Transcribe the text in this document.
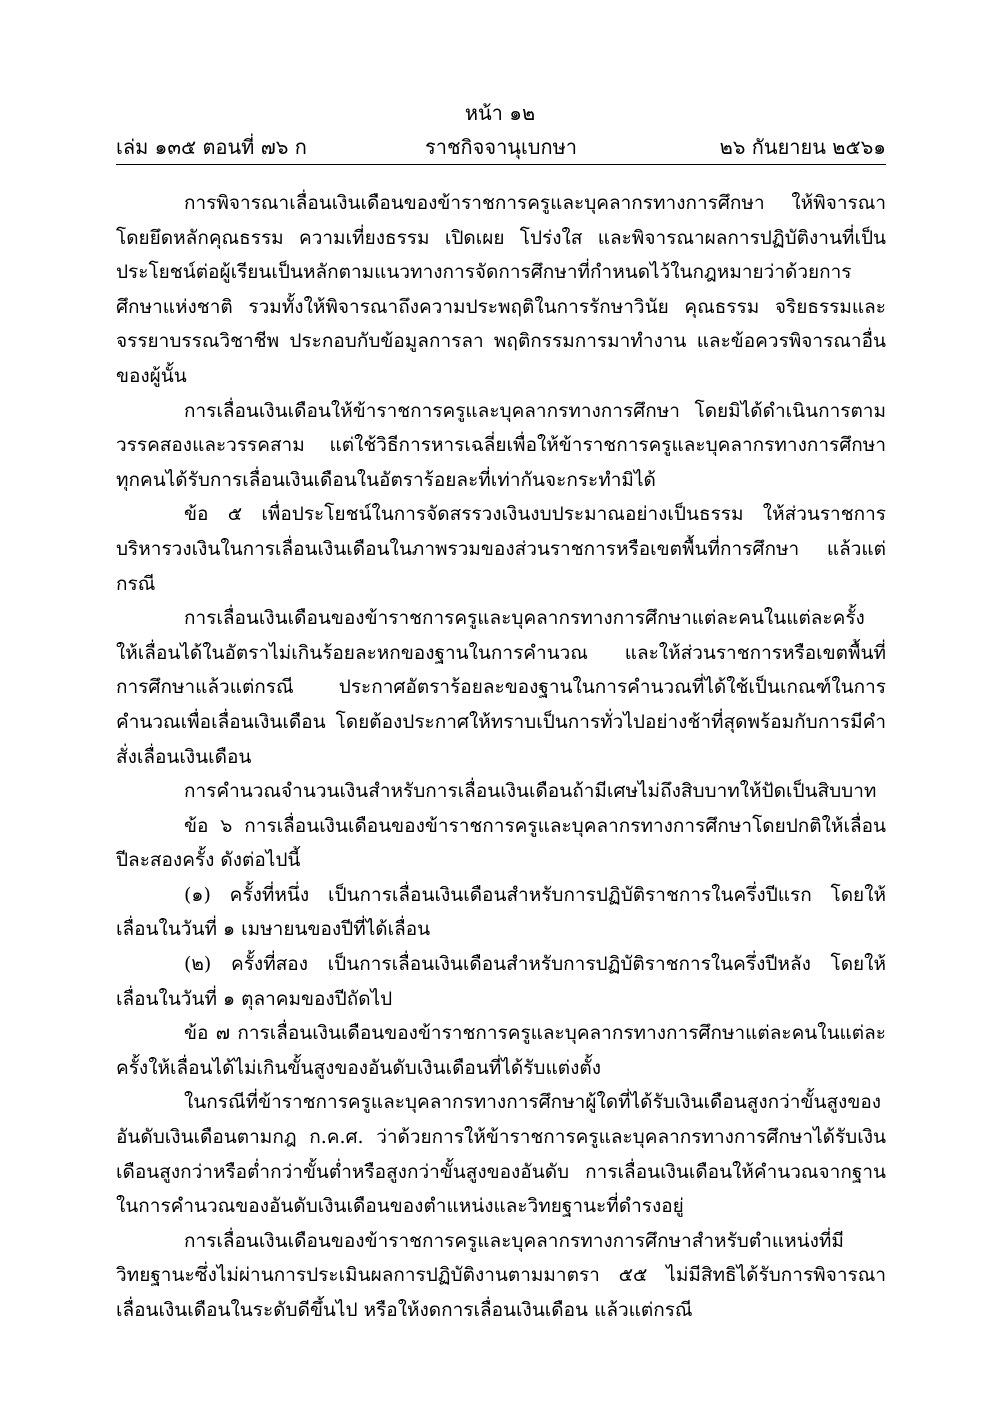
หน้า ๑๒
เล่ม ๑๓๕ ตอนที่ ๗๖ ก	ราชกิจจานุเบกษา	๒๖ กันยายน ๒๕๖๑

การพิจารณาเลื่อนเงินเดือนของข้าราชการครูและบุคลากรทางการศึกษา ให้พิจารณาโดยยึดหลักคุณธรรม ความเที่ยงธรรม เปิดเผย โปร่งใส และพิจารณาผลการปฏิบัติงานที่เป็นประโยชน์ต่อผู้เรียนเป็นหลักตามแนวทางการจัดการศึกษาที่กำหนดไว้ในกฎหมายว่าด้วยการศึกษาแห่งชาติ รวมทั้งให้พิจารณาถึงความประพฤติในการรักษาวินัย คุณธรรม จริยธรรมและจรรยาบรรณวิชาชีพ ประกอบกับข้อมูลการลา พฤติกรรมการมาทำงาน และข้อควรพิจารณาอื่นของผู้นั้น

การเลื่อนเงินเดือนให้ข้าราชการครูและบุคลากรทางการศึกษา โดยมิได้ดำเนินการตามวรรคสองและวรรคสาม แต่ใช้วิธีการหารเฉลี่ยเพื่อให้ข้าราชการครูและบุคลากรทางการศึกษาทุกคนได้รับการเลื่อนเงินเดือนในอัตราร้อยละที่เท่ากันจะกระทำมิได้

ข้อ ๕ เพื่อประโยชน์ในการจัดสรรวงเงินงบประมาณอย่างเป็นธรรม ให้ส่วนราชการบริหารวงเงินในการเลื่อนเงินเดือนในภาพรวมของส่วนราชการหรือเขตพื้นที่การศึกษา แล้วแต่กรณี

การเลื่อนเงินเดือนของข้าราชการครูและบุคลากรทางการศึกษาแต่ละคนในแต่ละครั้งให้เลื่อนได้ในอัตราไม่เกินร้อยละหกของฐานในการคำนวณ และให้ส่วนราชการหรือเขตพื้นที่การศึกษาแล้วแต่กรณี ประกาศอัตราร้อยละของฐานในการคำนวณที่ได้ใช้เป็นเกณฑ์ในการคำนวณเพื่อเลื่อนเงินเดือน โดยต้องประกาศให้ทราบเป็นการทั่วไปอย่างช้าที่สุดพร้อมกับการมีคำสั่งเลื่อนเงินเดือน

การคำนวณจำนวนเงินสำหรับการเลื่อนเงินเดือนถ้ามีเศษไม่ถึงสิบบาทให้ปัดเป็นสิบบาท

ข้อ ๖ การเลื่อนเงินเดือนของข้าราชการครูและบุคลากรทางการศึกษาโดยปกติให้เลื่อนปีละสองครั้ง ดังต่อไปนี้

(๑) ครั้งที่หนึ่ง เป็นการเลื่อนเงินเดือนสำหรับการปฏิบัติราชการในครึ่งปีแรก โดยให้เลื่อนในวันที่ ๑ เมษายนของปีที่ได้เลื่อน

(๒) ครั้งที่สอง เป็นการเลื่อนเงินเดือนสำหรับการปฏิบัติราชการในครึ่งปีหลัง โดยให้เลื่อนในวันที่ ๑ ตุลาคมของปีถัดไป

ข้อ ๗ การเลื่อนเงินเดือนของข้าราชการครูและบุคลากรทางการศึกษาแต่ละคนในแต่ละครั้งให้เลื่อนได้ไม่เกินขั้นสูงของอันดับเงินเดือนที่ได้รับแต่งตั้ง

ในกรณีที่ข้าราชการครูและบุคลากรทางการศึกษาผู้ใดที่ได้รับเงินเดือนสูงกว่าขั้นสูงของอันดับเงินเดือนตามกฎ ก.ค.ศ. ว่าด้วยการให้ข้าราชการครูและบุคลากรทางการศึกษาได้รับเงินเดือนสูงกว่าหรือต่ำกว่าขั้นต่ำหรือสูงกว่าขั้นสูงของอันดับ การเลื่อนเงินเดือนให้คำนวณจากฐานในการคำนวณของอันดับเงินเดือนของตำแหน่งและวิทยฐานะที่ดำรงอยู่

การเลื่อนเงินเดือนของข้าราชการครูและบุคลากรทางการศึกษาสำหรับตำแหน่งที่มีวิทยฐานะซึ่งไม่ผ่านการประเมินผลการปฏิบัติงานตามมาตรา ๕๕ ไม่มีสิทธิได้รับการพิจารณาเลื่อนเงินเดือนในระดับดีขึ้นไป หรือให้งดการเลื่อนเงินเดือน แล้วแต่กรณี
